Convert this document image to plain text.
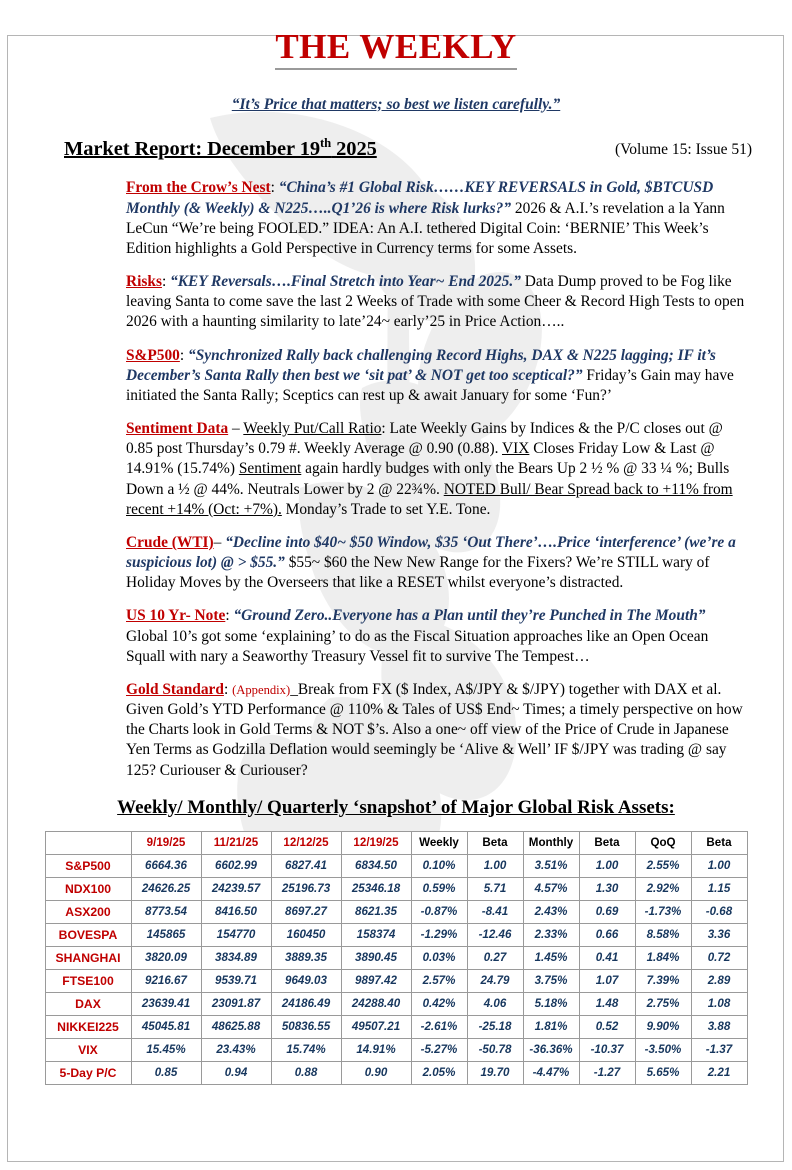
THE WEEKLY
“It’s Price that matters; so best we listen carefully.”
Market Report: December 19th 2025	(Volume 15: Issue 51)

From the Crow’s Nest: “China’s #1 Global Risk……KEY REVERSALS in Gold, $BTCUSD Monthly (& Weekly) & N225…..Q1’26 is where Risk lurks?” 2026 & A.I.’s revelation a la Yann LeCun “We’re being FOOLED.” IDEA: An A.I. tethered Digital Coin: ‘BERNIE’ This Week’s Edition highlights a Gold Perspective in Currency terms for some Assets.

Risks: “KEY Reversals….Final Stretch into Year~ End 2025.” Data Dump proved to be Fog like leaving Santa to come save the last 2 Weeks of Trade with some Cheer & Record High Tests to open 2026 with a haunting similarity to late’24~ early’25 in Price Action…..

S&P500: “Synchronized Rally back challenging Record Highs, DAX & N225 lagging; IF it’s December’s Santa Rally then best we ‘sit pat’ & NOT get too sceptical?” Friday’s Gain may have initiated the Santa Rally; Sceptics can rest up & await January for some ‘Fun?’

Sentiment Data – Weekly Put/Call Ratio: Late Weekly Gains by Indices & the P/C closes out @ 0.85 post Thursday’s 0.79 #. Weekly Average @ 0.90 (0.88). VIX Closes Friday Low & Last @ 14.91% (15.74%) Sentiment again hardly budges with only the Bears Up 2 ½ % @ 33 ¼ %; Bulls Down a ½ @ 44%. Neutrals Lower by 2 @ 22¾%. NOTED Bull/ Bear Spread back to +11% from recent +14% (Oct: +7%). Monday’s Trade to set Y.E. Tone.

Crude (WTI)– “Decline into $40~ $50 Window, $35 ‘Out There’….Price ‘interference’ (we’re a suspicious lot) @ > $55.” $55~ $60 the New New Range for the Fixers? We’re STILL wary of Holiday Moves by the Overseers that like a RESET whilst everyone’s distracted.

US 10 Yr- Note: “Ground Zero..Everyone has a Plan until they’re Punched in The Mouth” Global 10’s got some ‘explaining’ to do as the Fiscal Situation approaches like an Open Ocean Squall with nary a Seaworthy Treasury Vessel fit to survive The Tempest…

Gold Standard: (Appendix)_Break from FX ($ Index, A$/JPY & $/JPY) together with DAX et al. Given Gold’s YTD Performance @ 110% & Tales of US$ End~ Times; a timely perspective on how the Charts look in Gold Terms & NOT $’s. Also a one~ off view of the Price of Crude in Japanese Yen Terms as Godzilla Deflation would seemingly be ‘Alive & Well’ IF $/JPY was trading @ say 125? Curiouser & Curiouser?

Weekly/ Monthly/ Quarterly ‘snapshot’ of Major Global Risk Assets:
	9/19/25	11/21/25	12/12/25	12/19/25	Weekly	Beta	Monthly	Beta	QoQ	Beta
S&P500	6664.36	6602.99	6827.41	6834.50	0.10%	1.00	3.51%	1.00	2.55%	1.00
NDX100	24626.25	24239.57	25196.73	25346.18	0.59%	5.71	4.57%	1.30	2.92%	1.15
ASX200	8773.54	8416.50	8697.27	8621.35	-0.87%	-8.41	2.43%	0.69	-1.73%	-0.68
BOVESPA	145865	154770	160450	158374	-1.29%	-12.46	2.33%	0.66	8.58%	3.36
SHANGHAI	3820.09	3834.89	3889.35	3890.45	0.03%	0.27	1.45%	0.41	1.84%	0.72
FTSE100	9216.67	9539.71	9649.03	9897.42	2.57%	24.79	3.75%	1.07	7.39%	2.89
DAX	23639.41	23091.87	24186.49	24288.40	0.42%	4.06	5.18%	1.48	2.75%	1.08
NIKKEI225	45045.81	48625.88	50836.55	49507.21	-2.61%	-25.18	1.81%	0.52	9.90%	3.88
VIX	15.45%	23.43%	15.74%	14.91%	-5.27%	-50.78	-36.36%	-10.37	-3.50%	-1.37
5-Day P/C	0.85	0.94	0.88	0.90	2.05%	19.70	-4.47%	-1.27	5.65%	2.21
